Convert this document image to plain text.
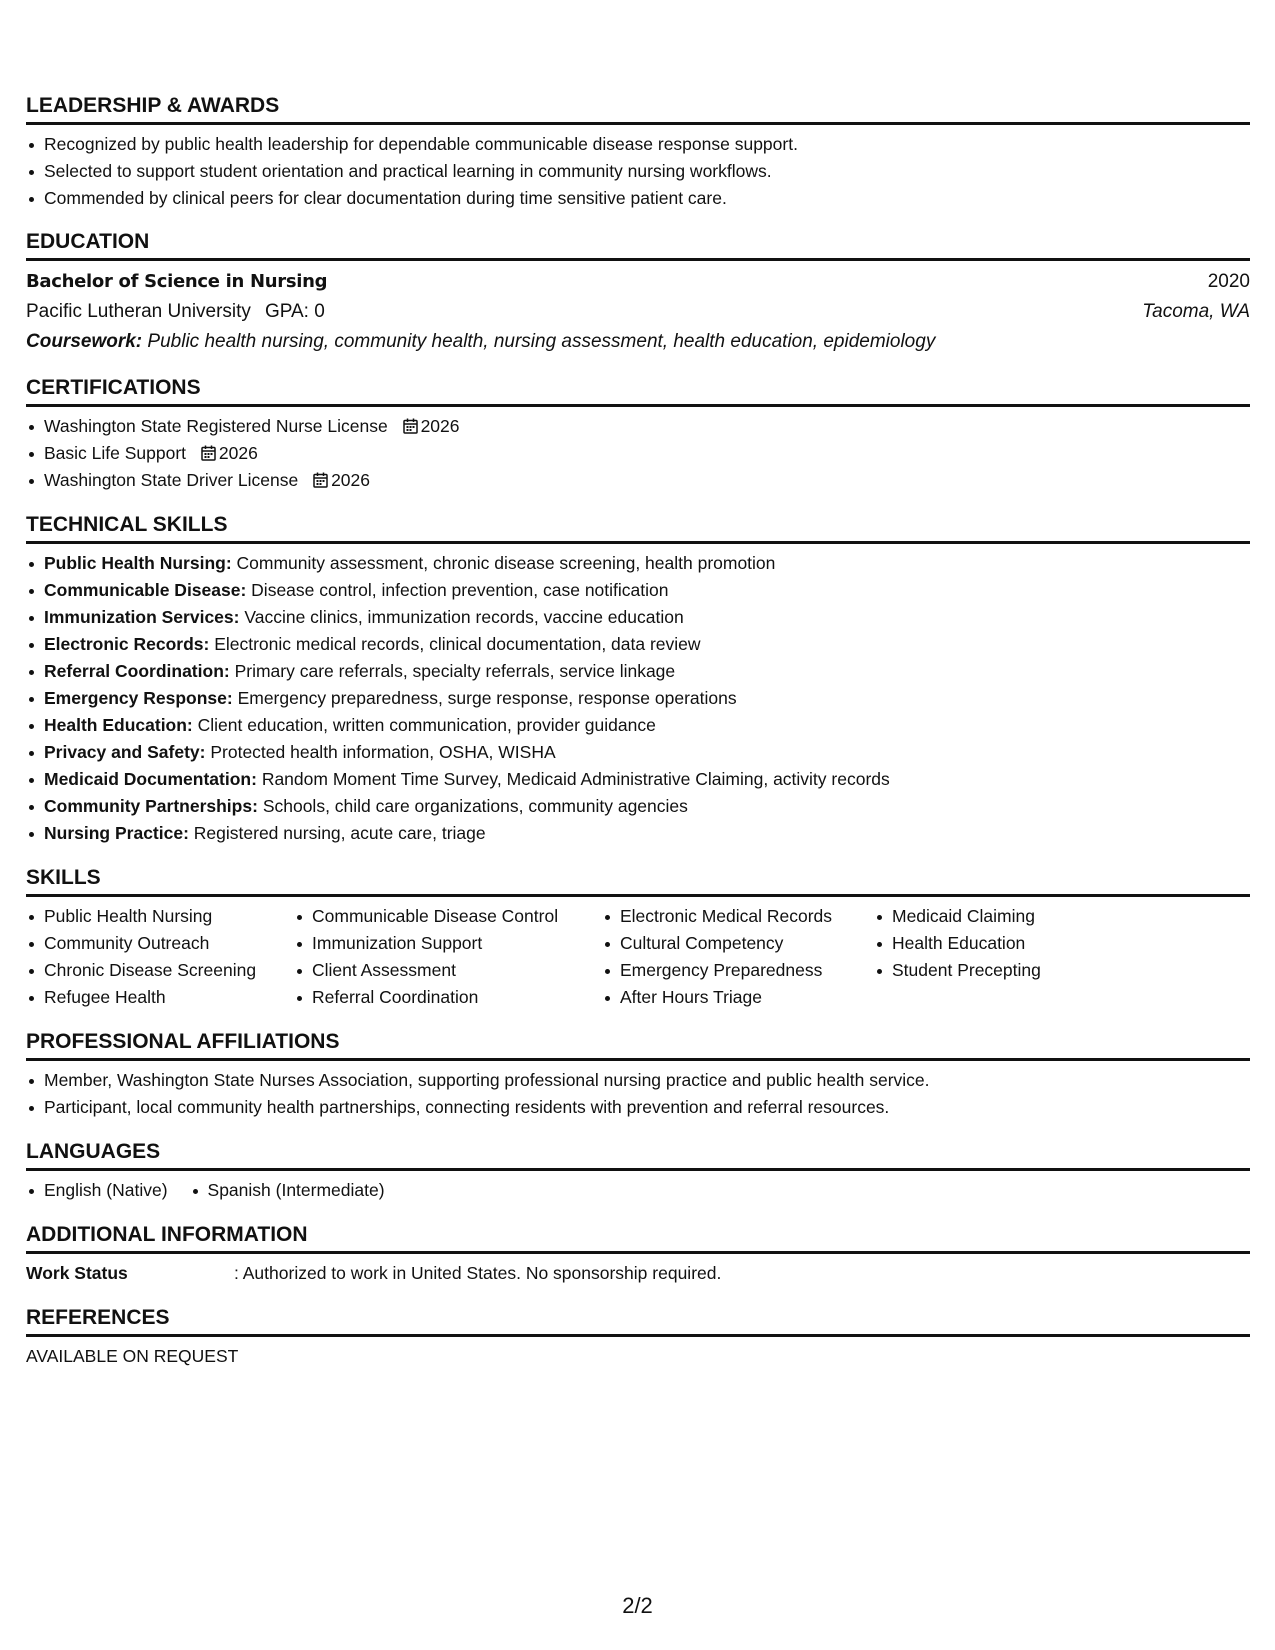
LEADERSHIP & AWARDS
Recognized by public health leadership for dependable communicable disease response support.
Selected to support student orientation and practical learning in community nursing workflows.
Commended by clinical peers for clear documentation during time sensitive patient care.
EDUCATION
Bachelor of Science in Nursing	2020
Pacific Lutheran University GPA: 0	Tacoma, WA
Coursework: Public health nursing, community health, nursing assessment, health education, epidemiology
CERTIFICATIONS
Washington State Registered Nurse License 2026
Basic Life Support 2026
Washington State Driver License 2026
TECHNICAL SKILLS
Public Health Nursing: Community assessment, chronic disease screening, health promotion
Communicable Disease: Disease control, infection prevention, case notification
Immunization Services: Vaccine clinics, immunization records, vaccine education
Electronic Records: Electronic medical records, clinical documentation, data review
Referral Coordination: Primary care referrals, specialty referrals, service linkage
Emergency Response: Emergency preparedness, surge response, response operations
Health Education: Client education, written communication, provider guidance
Privacy and Safety: Protected health information, OSHA, WISHA
Medicaid Documentation: Random Moment Time Survey, Medicaid Administrative Claiming, activity records
Community Partnerships: Schools, child care organizations, community agencies
Nursing Practice: Registered nursing, acute care, triage
SKILLS
Public Health Nursing
Community Outreach
Chronic Disease Screening
Refugee Health
Communicable Disease Control
Immunization Support
Client Assessment
Referral Coordination
Electronic Medical Records
Cultural Competency
Emergency Preparedness
After Hours Triage
Medicaid Claiming
Health Education
Student Precepting
PROFESSIONAL AFFILIATIONS
Member, Washington State Nurses Association, supporting professional nursing practice and public health service.
Participant, local community health partnerships, connecting residents with prevention and referral resources.
LANGUAGES
English (Native)	Spanish (Intermediate)
ADDITIONAL INFORMATION
Work Status	: Authorized to work in United States. No sponsorship required.
REFERENCES
AVAILABLE ON REQUEST
2/2
